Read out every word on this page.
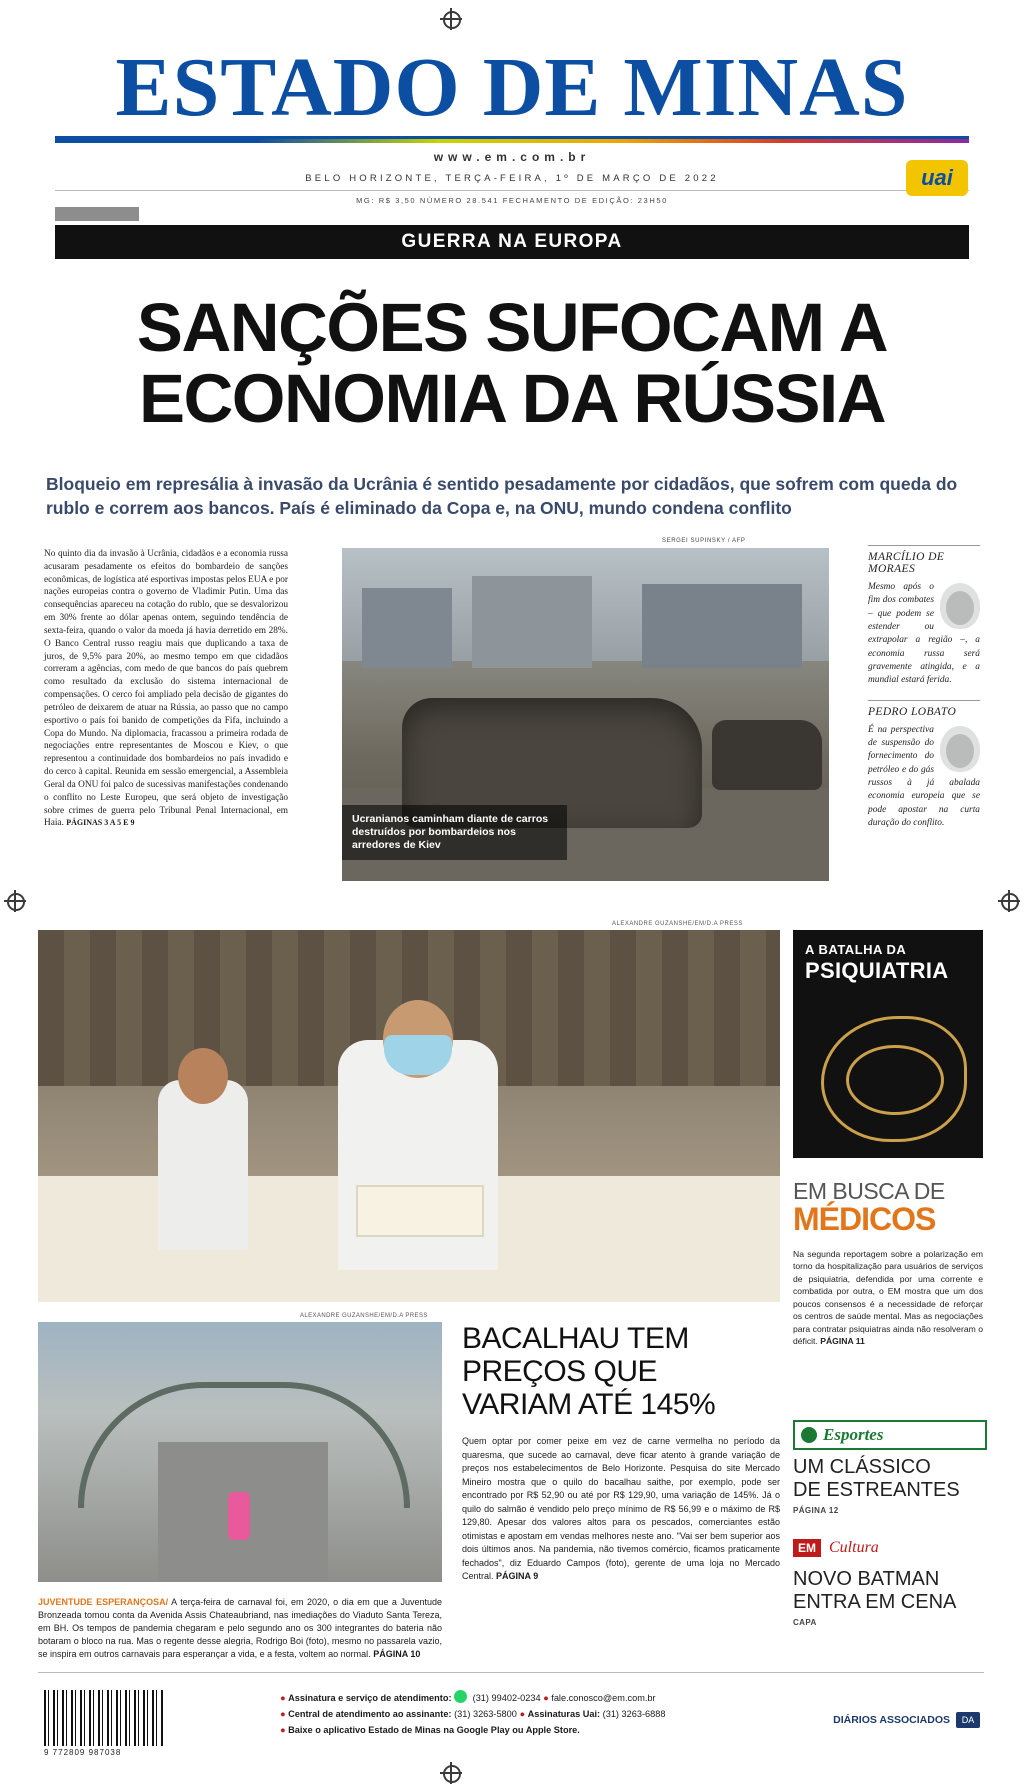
ESTADO DE MINAS
www.em.com.br
BELO HORIZONTE, TERÇA-FEIRA, 1º DE MARÇO DE 2022
MG: R$ 3,50 NÚMERO 28.541 FECHAMENTO DE EDIÇÃO: 23H50
uai
GUERRA NA EUROPA
SANÇÕES SUFOCAM A
ECONOMIA DA RÚSSIA
Bloqueio em represália à invasão da Ucrânia é sentido pesadamente por cidadãos, que sofrem com queda do rublo e correm aos bancos. País é eliminado da Copa e, na ONU, mundo condena conflito
No quinto dia da invasão à Ucrânia, cidadãos e a economia russa acusaram pesadamente os efeitos do bombardeio de sanções econômicas, de logística até esportivas impostas pelos EUA e por nações europeias contra o governo de Vladimir Putin. Uma das consequências apareceu na cotação do rublo, que se desvalorizou em 30% frente ao dólar apenas ontem, seguindo tendência de sexta-feira, quando o valor da moeda já havia derretido em 28%. O Banco Central russo reagiu mais que duplicando a taxa de juros, de 9,5% para 20%, ao mesmo tempo em que cidadãos correram a agências, com medo de que bancos do país quebrem como resultado da exclusão do sistema internacional de compensações. O cerco foi ampliado pela decisão de gigantes do petróleo de deixarem de atuar na Rússia, ao passo que no campo esportivo o país foi banido de competições da Fifa, incluindo a Copa do Mundo. Na diplomacia, fracassou a primeira rodada de negociações entre representantes de Moscou e Kiev, o que representou a continuidade dos bombardeios no país invadido e do cerco à capital. Reunida em sessão emergencial, a Assembleia Geral da ONU foi palco de sucessivas manifestações condenando o conflito no Leste Europeu, que será objeto de investigação sobre crimes de guerra pelo Tribunal Penal Internacional, em Haia. PÁGINAS 3 A 5 E 9
SERGEI SUPINSKY / AFP
Ucranianos caminham diante de carros destruídos por bombardeios nos arredores de Kiev
MARCÍLIO DE MORAES
Mesmo após o fim dos combates – que podem se estender ou extrapolar a região –, a economia russa será gravemente atingida, e a mundial estará ferida.
PEDRO LOBATO
É na perspectiva de suspensão do fornecimento do petróleo e do gás russos à já abalada economia europeia que se pode apostar na curta duração do conflito.
ALEXANDRE GUZANSHE/EM/D.A PRESS
A BATALHA DA
PSIQUIATRIA
EM BUSCA DE
MÉDICOS

Na segunda reportagem sobre a polarização em torno da hospitalização para usuários de serviços de psiquiatria, defendida por uma corrente e combatida por outra, o EM mostra que um dos poucos consensos é a necessidade de reforçar os centros de saúde mental. Mas as negociações para contratar psiquiatras ainda não resolveram o déficit. PÁGINA 11

Esportes
UM CLÁSSICO
DE ESTREANTES
PÁGINA 12
EM Cultura
NOVO BATMAN
ENTRA EM CENA
CAPA
ALEXANDRE GUZANSHE/EM/D.A PRESS
JUVENTUDE ESPERANÇOSA/ A terça-feira de carnaval foi, em 2020, o dia em que a Juventude Bronzeada tomou conta da Avenida Assis Chateaubriand, nas imediações do Viaduto Santa Tereza, em BH. Os tempos de pandemia chegaram e pelo segundo ano os 300 integrantes do bateria não botaram o bloco na rua. Mas o regente desse alegria, Rodrigo Boi (foto), mesmo no passarela vazio, se inspira em outros carnavais para esperançar a vida, e a festa, voltem ao normal. PÁGINA 10
BACALHAU TEM
PREÇOS QUE
VARIAM ATÉ 145%

Quem optar por comer peixe em vez de carne vermelha no período da quaresma, que sucede ao carnaval, deve ficar atento à grande variação de preços nos estabelecimentos de Belo Horizonte. Pesquisa do site Mercado Mineiro mostra que o quilo do bacalhau saithe, por exemplo, pode ser encontrado por R$ 52,90 ou até por R$ 129,90, uma variação de 145%. Já o quilo do salmão é vendido pelo preço mínimo de R$ 56,99 e o máximo de R$ 129,80. Apesar dos valores altos para os pescados, comerciantes estão otimistas e apostam em vendas melhores neste ano. "Vai ser bem superior aos dois últimos anos. Na pandemia, não tivemos comércio, ficamos praticamente fechados", diz Eduardo Campos (foto), gerente de uma loja no Mercado Central. PÁGINA 9

9 772809 987038
● Assinatura e serviço de atendimento: (31) 99402-0234 ● fale.conosco@em.com.br
● Central de atendimento ao assinante: (31) 3263-5800 ● Assinaturas Uai: (31) 3263-6888
● Baixe o aplicativo Estado de Minas na Google Play ou Apple Store.
DIÁRIOS ASSOCIADOS	DA
